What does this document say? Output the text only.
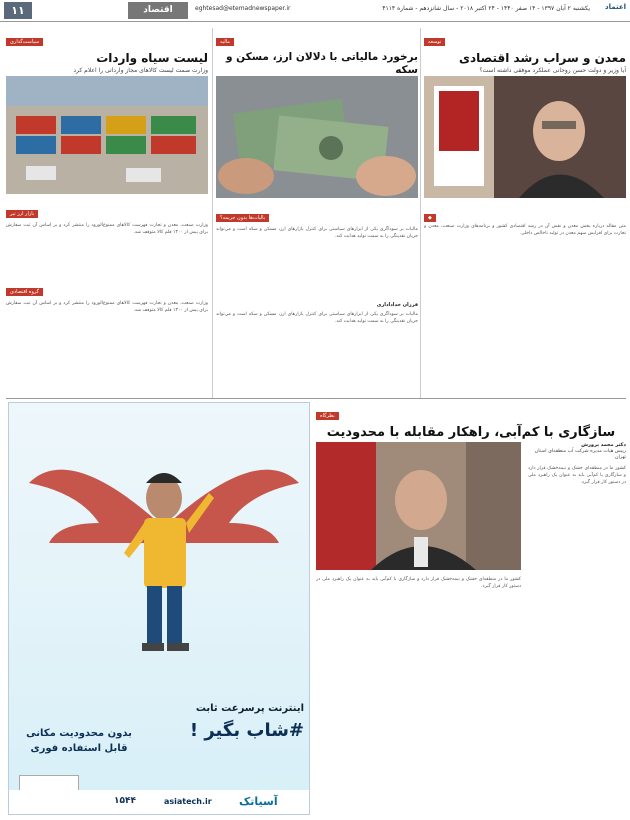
اعتماد
یکشنبه ۲ آبان ۱۳۹۷ - ۱۴ صفر ۱۴۴۰ - ۲۴ اکتبر ۲۰۱۸ - سال شانزدهم - شماره ۴۱۱۴
eghtesad@etemadnewspaper.ir
اقتصاد
۱۱
توسعه
معدن و سراب رشد اقتصادی
آیا وزیر و دولت حسن روحانی عملکرد موفقی داشته است؟
◆
متن مقاله درباره بخش معدن و نقش آن در رشد اقتصادی کشور و برنامه‌های وزارت صنعت، معدن و تجارت برای افزایش سهم معدن در تولید ناخالص داخلی.
مالیه
برخورد مالیاتی با دلالان ارز، مسکن و سکه
بالیات‌ها بدون جریمه؟
مالیات بر سوداگری یکی از ابزارهای سیاستی برای کنترل بازارهای ارز، مسکن و سکه است و می‌تواند جریان نقدینگی را به سمت تولید هدایت کند.
فرزان خداداداری
مالیات بر سوداگری یکی از ابزارهای سیاستی برای کنترل بازارهای ارز، مسکن و سکه است و می‌تواند جریان نقدینگی را به سمت تولید هدایت کند.
سیاست‌گذاری
لیست سیاه واردات
وزارت صمت لیست کالاهای مجاز وارداتی را اعلام کرد
بازار ارز تیر
وزارت صنعت، معدن و تجارت فهرست کالاهای ممنوع‌الورود را منتشر کرد و بر اساس آن ثبت سفارش برای بیش از ۱۳۰۰ قلم کالا متوقف شد.
گروه اقتصادی
وزارت صنعت، معدن و تجارت فهرست کالاهای ممنوع‌الورود را منتشر کرد و بر اساس آن ثبت سفارش برای بیش از ۱۳۰۰ قلم کالا متوقف شد.
نظرگاه
سازگاری با کم‌آبی، راهکار مقابله با محدودیت
دکتر محمد پرورش
رییس هیات مدیره شرکت آب منطقه‌ای استان تهران
کشور ما در منطقه‌ای خشک و نیمه‌خشک قرار دارد و سازگاری با کم‌آبی باید به عنوان یک راهبرد ملی در دستور کار قرار گیرد.
کشور ما در منطقه‌ای خشک و نیمه‌خشک قرار دارد و سازگاری با کم‌آبی باید به عنوان یک راهبرد ملی در دستور کار قرار گیرد.
اینترنت پرسرعت ثابت
#شاب بگیر !
بدون محدودیت مکانی
قابل استفاده فوری
۱۵۴۴	asiatech.ir آسیاتک
